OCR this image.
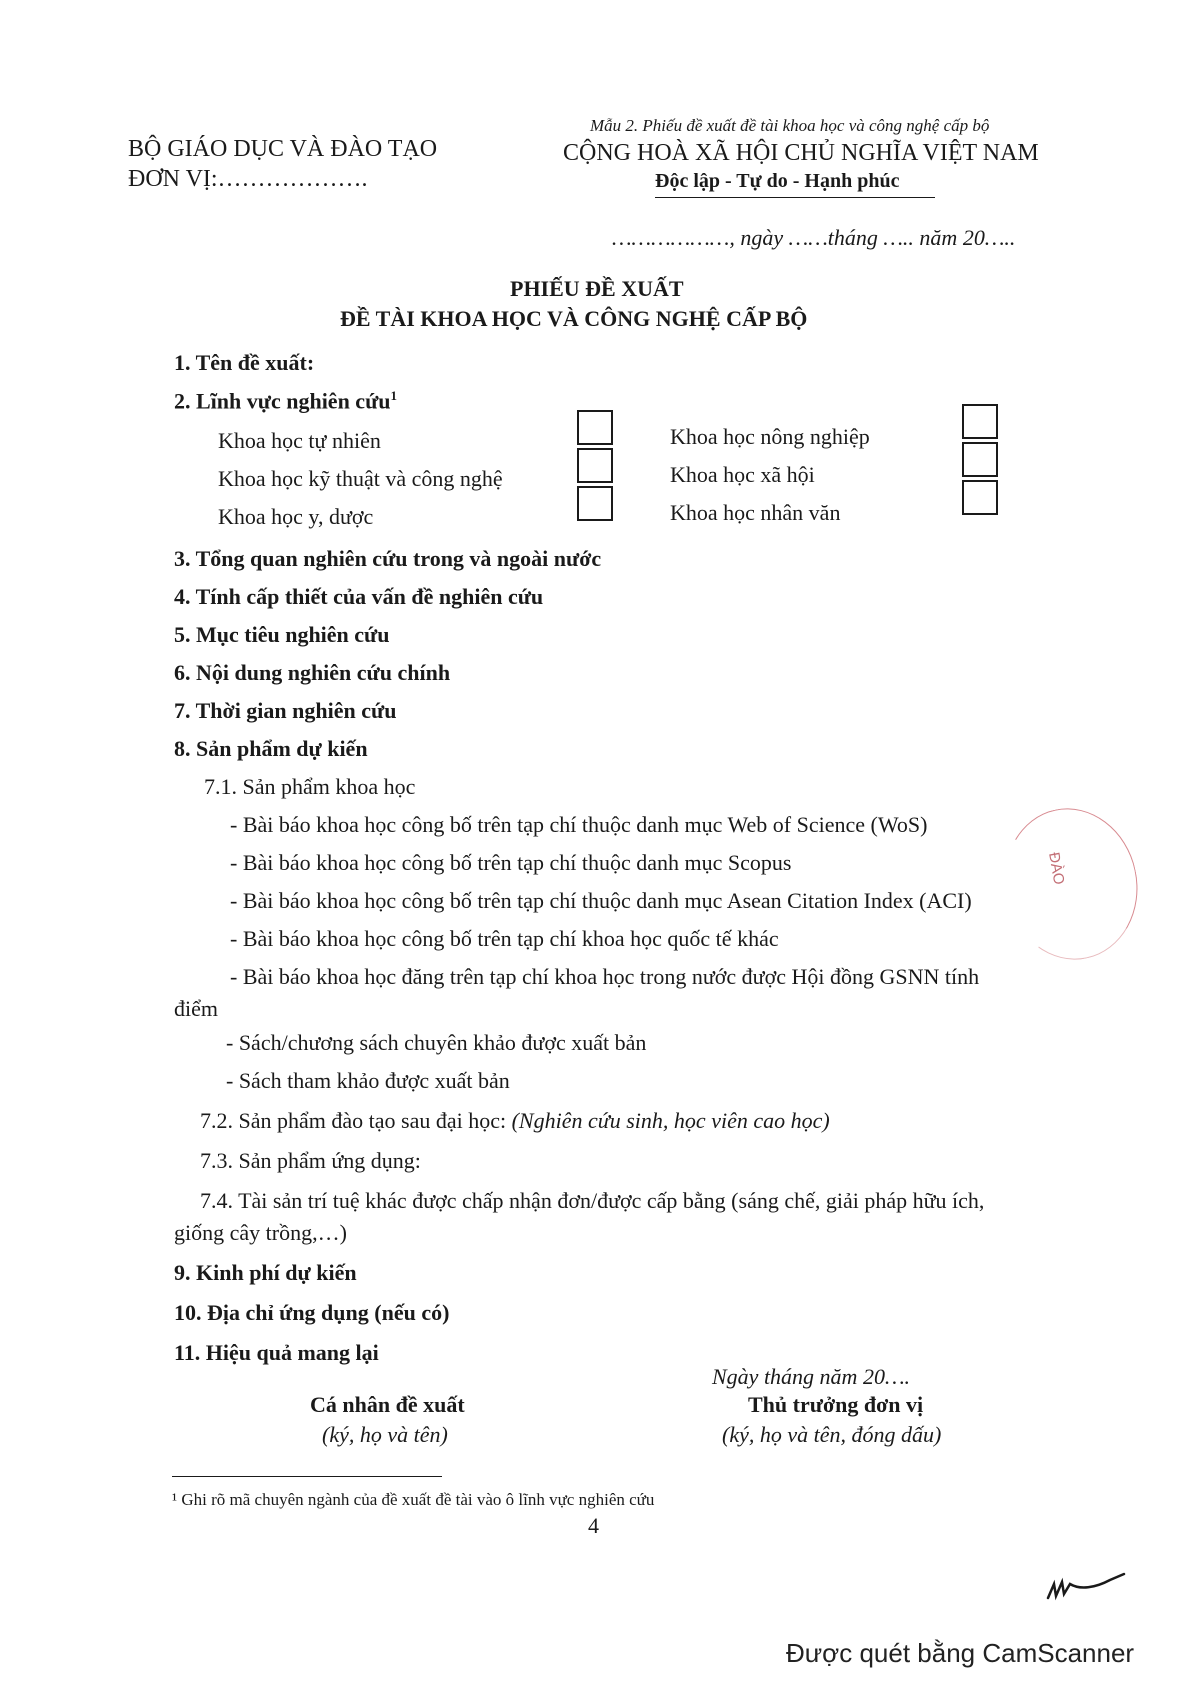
BỘ GIÁO DỤC VÀ ĐÀO TẠO
ĐƠN VỊ:……………….
Mẫu 2. Phiếu đề xuất đề tài khoa học và công nghệ cấp bộ
CỘNG HOÀ XÃ HỘI CHỦ NGHĨA VIỆT NAM
Độc lập - Tự do - Hạnh phúc
………………, ngày ……tháng ….. năm 20…..
PHIẾU ĐỀ XUẤT
ĐỀ TÀI KHOA HỌC VÀ CÔNG NGHỆ CẤP BỘ
1. Tên đề xuất:
2. Lĩnh vực nghiên cứu$^1$
Khoa học tự nhiên
Khoa học kỹ thuật và công nghệ
Khoa học y, dược
Khoa học nông nghiệp
Khoa học xã hội
Khoa học nhân văn
3. Tổng quan nghiên cứu trong và ngoài nước
4. Tính cấp thiết của vấn đề nghiên cứu
5. Mục tiêu nghiên cứu
6. Nội dung nghiên cứu chính
7. Thời gian nghiên cứu
8. Sản phẩm dự kiến
7.1. Sản phẩm khoa học
- Bài báo khoa học công bố trên tạp chí thuộc danh mục Web of Science (WoS)
- Bài báo khoa học công bố trên tạp chí thuộc danh mục Scopus
- Bài báo khoa học công bố trên tạp chí thuộc danh mục Asean Citation Index (ACI)
- Bài báo khoa học công bố trên tạp chí khoa học quốc tế khác
- Bài báo khoa học đăng trên tạp chí khoa học trong nước được Hội đồng GSNN tính
điểm
- Sách/chương sách chuyên khảo được xuất bản
- Sách tham khảo được xuất bản
7.2. Sản phẩm đào tạo sau đại học: (Nghiên cứu sinh, học viên cao học)
7.3. Sản phẩm ứng dụng:
7.4. Tài sản trí tuệ khác được chấp nhận đơn/được cấp bằng (sáng chế, giải pháp hữu ích,
giống cây trồng,…)
9. Kinh phí dự kiến
10. Địa chỉ ứng dụng (nếu có)
11. Hiệu quả mang lại
Ngày tháng năm 20….
Cá nhân đề xuất
(ký, họ và tên)
Thủ trưởng đơn vị
(ký, họ và tên, đóng dấu)
¹ Ghi rõ mã chuyên ngành của đề xuất đề tài vào ô lĩnh vực nghiên cứu
4
ĐÀO
Được quét bằng CamScanner
